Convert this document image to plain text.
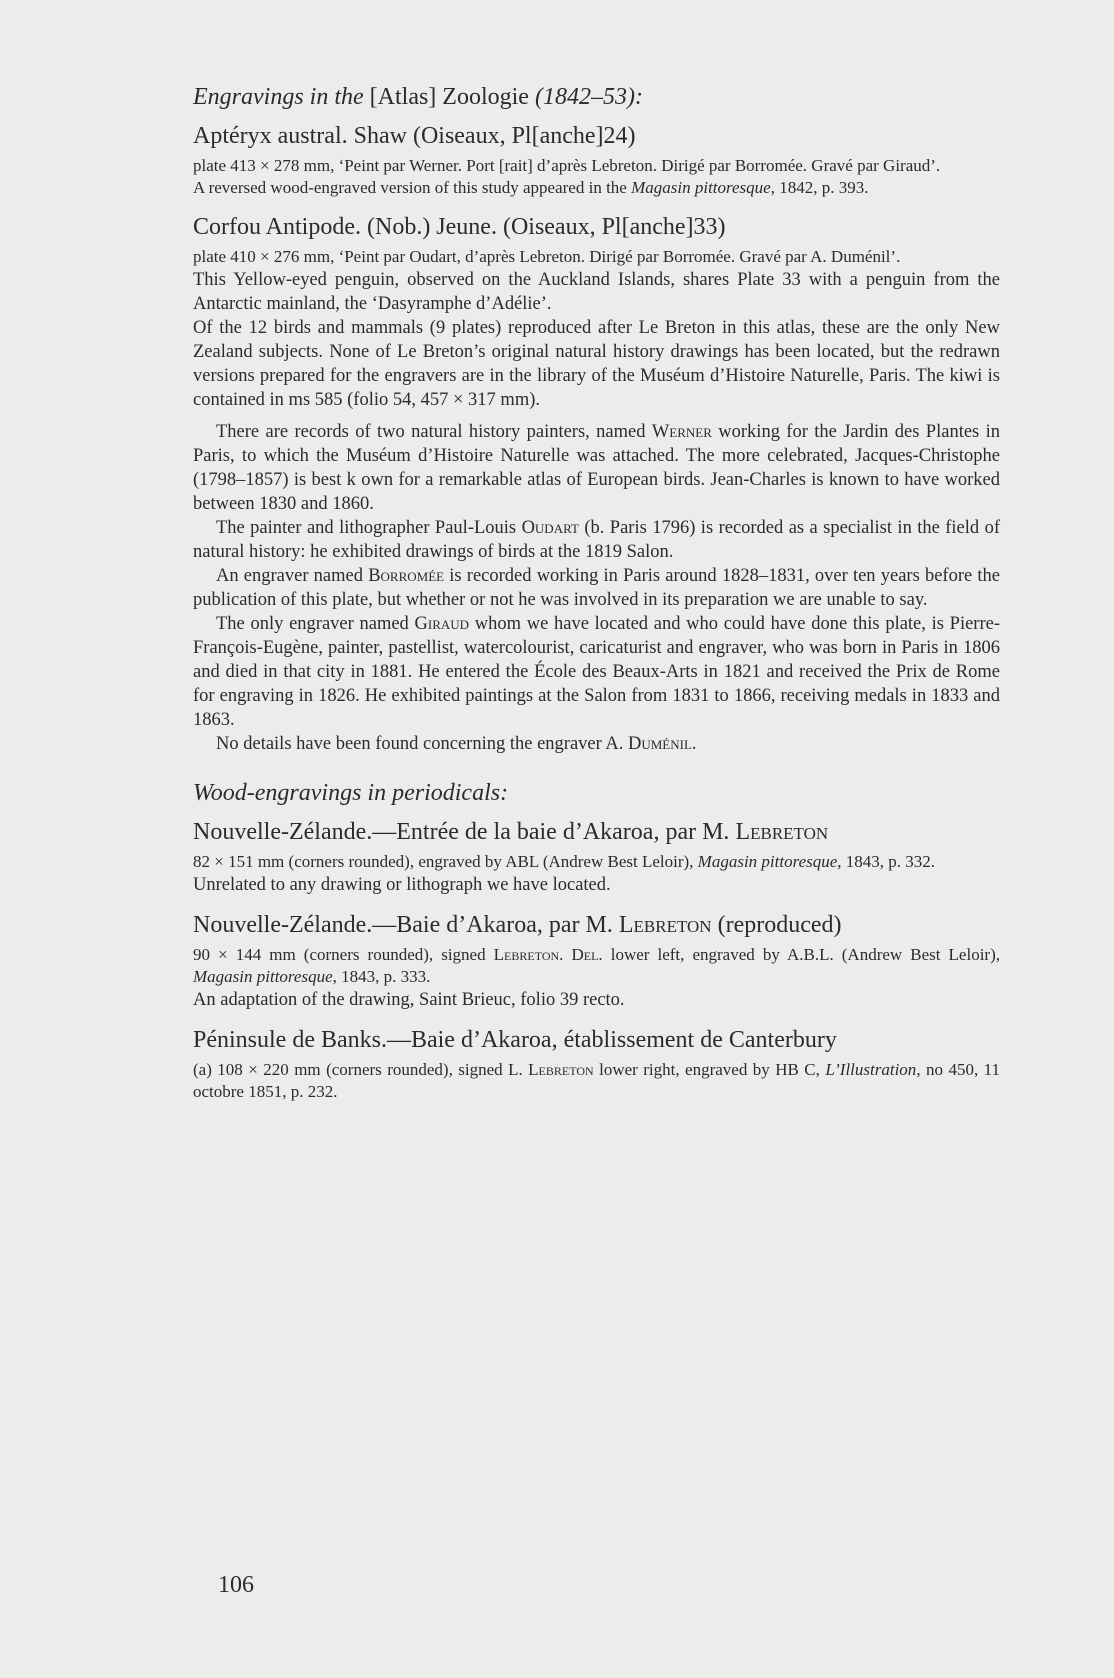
Engravings in the [Atlas] Zoologie (1842–53):

Aptéryx austral. Shaw (Oiseaux, Pl[anche]24)

plate 413 × 278 mm, ‘Peint par Werner. Port [rait] d’après Lebreton. Dirigé par Borromée. Gravé par Giraud’.

A reversed wood-engraved version of this study appeared in the Magasin pittoresque, 1842, p. 393.

Corfou Antipode. (Nob.) Jeune. (Oiseaux, Pl[anche]33)

plate 410 × 276 mm, ‘Peint par Oudart, d’après Lebreton. Dirigé par Borromée. Gravé par A. Duménil’.

This Yellow-eyed penguin, observed on the Auckland Islands, shares Plate 33 with a penguin from the Antarctic mainland, the ‘Dasyramphe d’Adélie’.

Of the 12 birds and mammals (9 plates) reproduced after Le Breton in this atlas, these are the only New Zealand subjects. None of Le Breton’s original natural history drawings has been located, but the redrawn versions prepared for the engravers are in the library of the Muséum d’Histoire Naturelle, Paris. The kiwi is contained in ms 585 (folio 54, 457 × 317 mm).

There are records of two natural history painters, named Werner working for the Jardin des Plantes in Paris, to which the Muséum d’Histoire Naturelle was attached. The more celebrated, Jacques-Christophe (1798–1857) is best k own for a remarkable atlas of European birds. Jean-Charles is known to have worked between 1830 and 1860.

The painter and lithographer Paul-Louis Oudart (b. Paris 1796) is recorded as a specialist in the field of natural history: he exhibited drawings of birds at the 1819 Salon.

An engraver named Borromée is recorded working in Paris around 1828–1831, over ten years before the publication of this plate, but whether or not he was involved in its preparation we are unable to say.

The only engraver named Giraud whom we have located and who could have done this plate, is Pierre-François-Eugène, painter, pastellist, watercolourist, caricaturist and engraver, who was born in Paris in 1806 and died in that city in 1881. He entered the École des Beaux-Arts in 1821 and received the Prix de Rome for engraving in 1826. He exhibited paintings at the Salon from 1831 to 1866, receiving medals in 1833 and 1863.

No details have been found concerning the engraver A. Duménil.

Wood-engravings in periodicals:

Nouvelle-Zélande.—Entrée de la baie d’Akaroa, par M. Lebreton

82 × 151 mm (corners rounded), engraved by ABL (Andrew Best Leloir), Magasin pittoresque, 1843, p. 332.

Unrelated to any drawing or lithograph we have located.

Nouvelle-Zélande.—Baie d’Akaroa, par M. Lebreton (reproduced)

90 × 144 mm (corners rounded), signed Lebreton. Del. lower left, engraved by A.B.L. (Andrew Best Leloir), Magasin pittoresque, 1843, p. 333.

An adaptation of the drawing, Saint Brieuc, folio 39 recto.

Péninsule de Banks.—Baie d’Akaroa, établissement de Canterbury

(a) 108 × 220 mm (corners rounded), signed L. Lebreton lower right, engraved by HB C, L’Illustration, no 450, 11 octobre 1851, p. 232.

106
